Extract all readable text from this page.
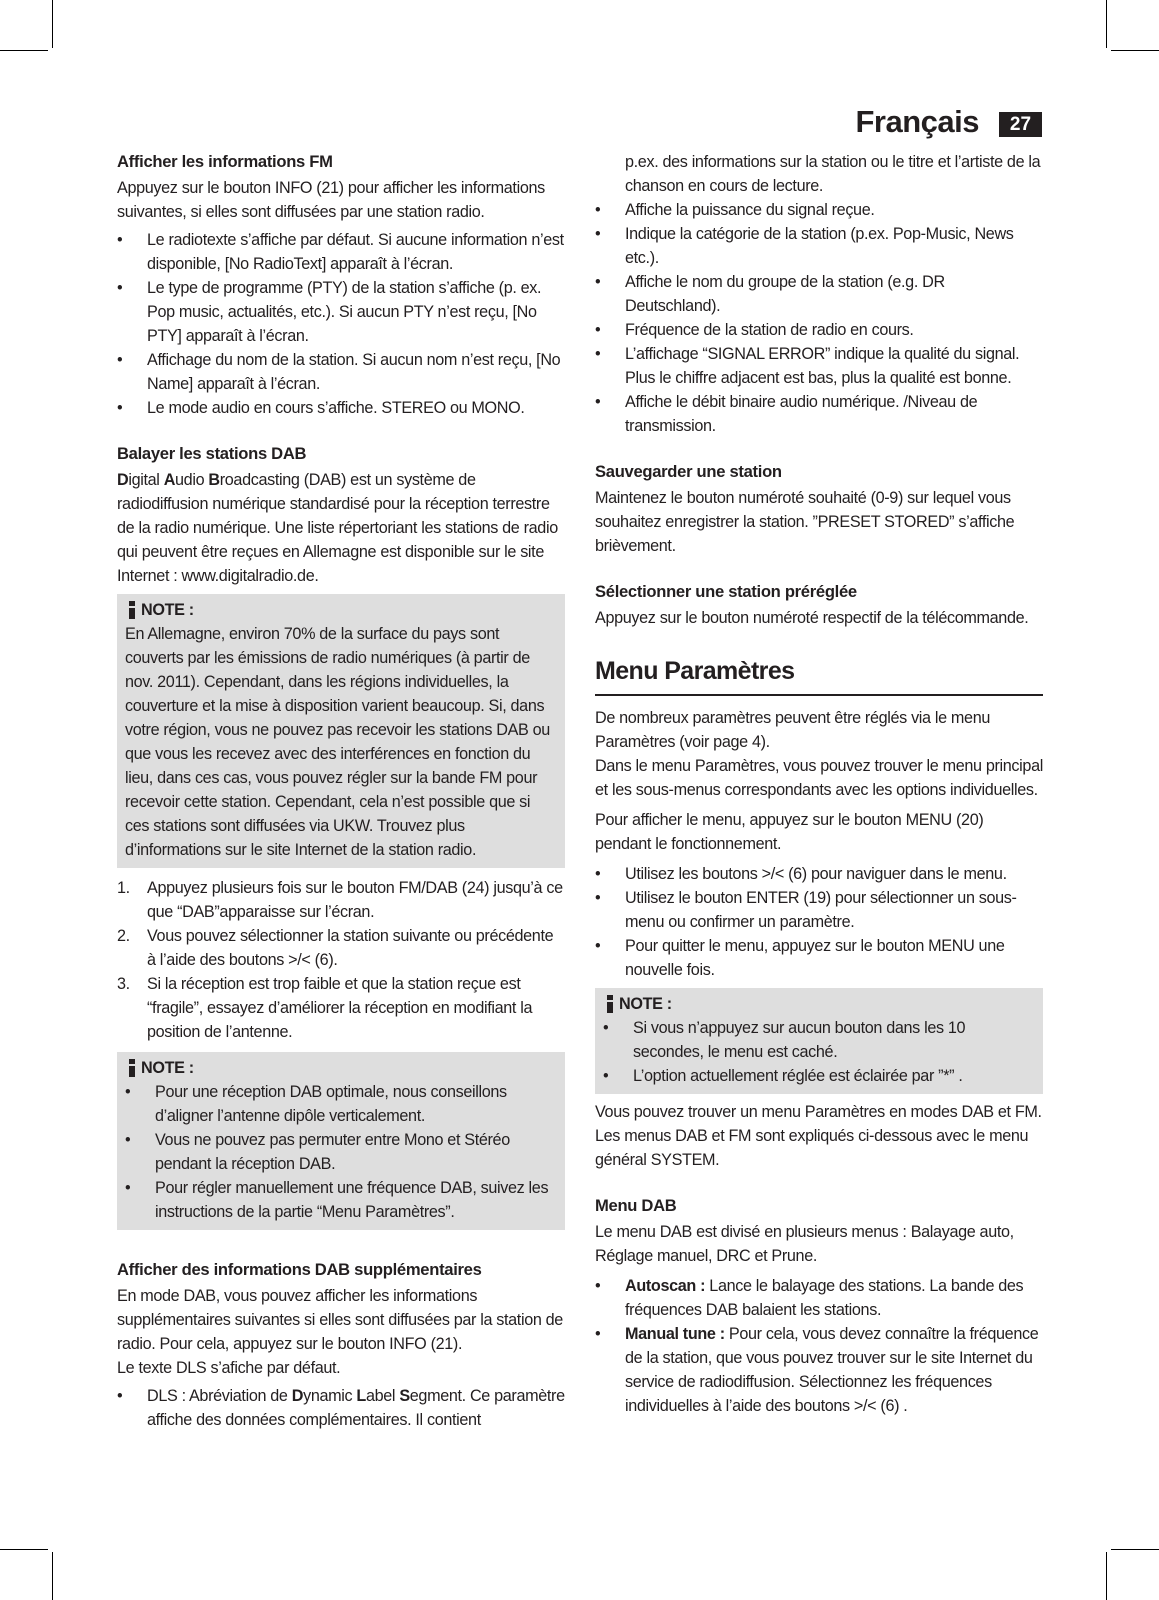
Français	27
Afficher les informations FM

Appuyez sur le bouton INFO (21) pour afficher les informations suivantes, si elles sont diffusées par une station radio.

• Le radiotexte s’affiche par défaut. Si aucune information n’est disponible, [No RadioText] apparaît à l’écran.
• Le type de programme (PTY) de la station s’affiche (p. ex. Pop music, actualités, etc.). Si aucun PTY n’est reçu, [No PTY] apparaît à l’écran.
• Affichage du nom de la station. Si aucun nom n’est reçu, [No Name] apparaît à l’écran.
• Le mode audio en cours s’affiche. STEREO ou MONO.
Balayer les stations DAB

Digital Audio Broadcasting (DAB) est un système de radiodiffusion numérique standardisé pour la réception terrestre de la radio numérique. Une liste répertoriant les stations de radio qui peuvent être reçues en Allemagne est disponible sur le site Internet : www.digitalradio.de.

NOTE :

En Allemagne, environ 70% de la surface du pays sont couverts par les émissions de radio numériques (à partir de nov. 2011). Cependant, dans les régions individuelles, la couverture et la mise à disposition varient beaucoup. Si, dans votre région, vous ne pouvez pas recevoir les stations DAB ou que vous les recevez avec des interférences en fonction du lieu, dans ces cas, vous pouvez régler sur la bande FM pour recevoir cette station. Cependant, cela n’est possible que si ces stations sont diffusées via UKW. Trouvez plus d’informations sur le site Internet de la station radio.

1. Appuyez plusieurs fois sur le bouton FM/DAB (24) jusqu’à ce que “DAB”apparaisse sur l’écran.
2. Vous pouvez sélectionner la station suivante ou précédente à l’aide des boutons >/< (6).
3. Si la réception est trop faible et que la station reçue est “fragile”, essayez d’améliorer la réception en modifiant la position de l’antenne.
NOTE :
• Pour une réception DAB optimale, nous conseillons d’aligner l’antenne dipôle verticalement.
• Vous ne pouvez pas permuter entre Mono et Stéréo pendant la réception DAB.
• Pour régler manuellement une fréquence DAB, suivez les instructions de la partie “Menu Paramètres”.
Afficher des informations DAB supplémentaires

En mode DAB, vous pouvez afficher les informations supplémentaires suivantes si elles sont diffusées par la station de radio. Pour cela, appuyez sur le bouton INFO (21).

Le texte DLS s’afiche par défaut.

• DLS : Abréviation de Dynamic Label Segment. Ce paramètre affiche des données complémentaires. Il contient

p.ex. des informations sur la station ou le titre et l’artiste de la chanson en cours de lecture.

• Affiche la puissance du signal reçue.
• Indique la catégorie de la station (p.ex. Pop-Music, News etc.).
• Affiche le nom du groupe de la station (e.g. DR Deutschland).
• Fréquence de la station de radio en cours.
• L’affichage “SIGNAL ERROR” indique la qualité du signal. Plus le chiffre adjacent est bas, plus la qualité est bonne.
• Affiche le débit binaire audio numérique. /Niveau de transmission.
Sauvegarder une station

Maintenez le bouton numéroté souhaité (0-9) sur lequel vous souhaitez enregistrer la station. ”PRESET STORED” s’affiche brièvement.

Sélectionner une station préréglée

Appuyez sur le bouton numéroté respectif de la télécommande.

Menu Paramètres

De nombreux paramètres peuvent être réglés via le menu Paramètres (voir page 4).

Dans le menu Paramètres, vous pouvez trouver le menu principal et les sous-menus correspondants avec les options individuelles.

Pour afficher le menu, appuyez sur le bouton MENU (20) pendant le fonctionnement.

• Utilisez les boutons >/< (6) pour naviguer dans le menu.
• Utilisez le bouton ENTER (19) pour sélectionner un sous-menu ou confirmer un paramètre.
• Pour quitter le menu, appuyez sur le bouton MENU une nouvelle fois.
NOTE :
• Si vous n’appuyez sur aucun bouton dans les 10 secondes, le menu est caché.
• L’option actuellement réglée est éclairée par ”*” .

Vous pouvez trouver un menu Paramètres en modes DAB et FM. Les menus DAB et FM sont expliqués ci-dessous avec le menu général SYSTEM.

Menu DAB

Le menu DAB est divisé en plusieurs menus : Balayage auto, Réglage manuel, DRC et Prune.

• Autoscan : Lance le balayage des stations. La bande des fréquences DAB balaient les stations.
• Manual tune : Pour cela, vous devez connaître la fréquence de la station, que vous pouvez trouver sur le site Internet du service de radiodiffusion. Sélectionnez les fréquences individuelles à l’aide des boutons >/< (6) .
